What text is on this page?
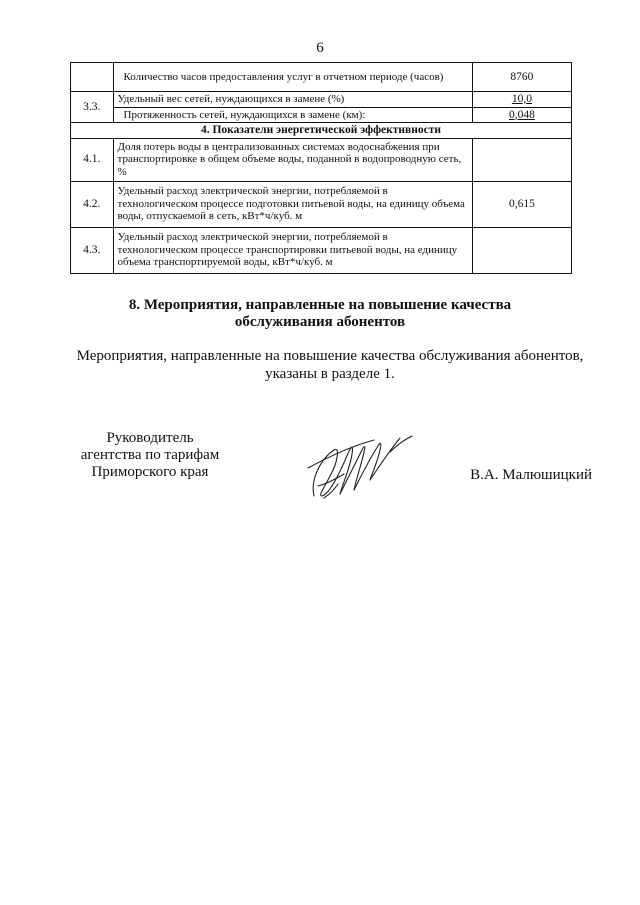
6
	Количество часов предоставления услуг в отчетном периоде (часов)	8760
3.3.	Удельный вес сетей, нуждающихся в замене (%)	10,0
	Протяженность сетей, нуждающихся в замене (км):	0,048
4. Показатели энергетической эффективности		
4.1.	Доля потерь воды в централизованных системах водоснабжения при транспортировке в общем объеме воды, поданной в водопроводную сеть, %	
4.2.	Удельный расход электрической энергии, потребляемой в технологическом процессе подготовки питьевой воды, на единицу объема воды, отпускаемой в сеть, кВт*ч/куб. м	0,615
4.3.	Удельный расход электрической энергии, потребляемой в технологическом процессе транспортировки питьевой воды, на единицу объема транспортируемой воды, кВт*ч/куб. м	
8. Мероприятия, направленные на повышение качества
обслуживания абонентов
Мероприятия, направленные на повышение качества обслуживания абонентов,
указаны в разделе 1.
Руководитель
агентства по тарифам
Приморского края	В.А. Малюшицкий
